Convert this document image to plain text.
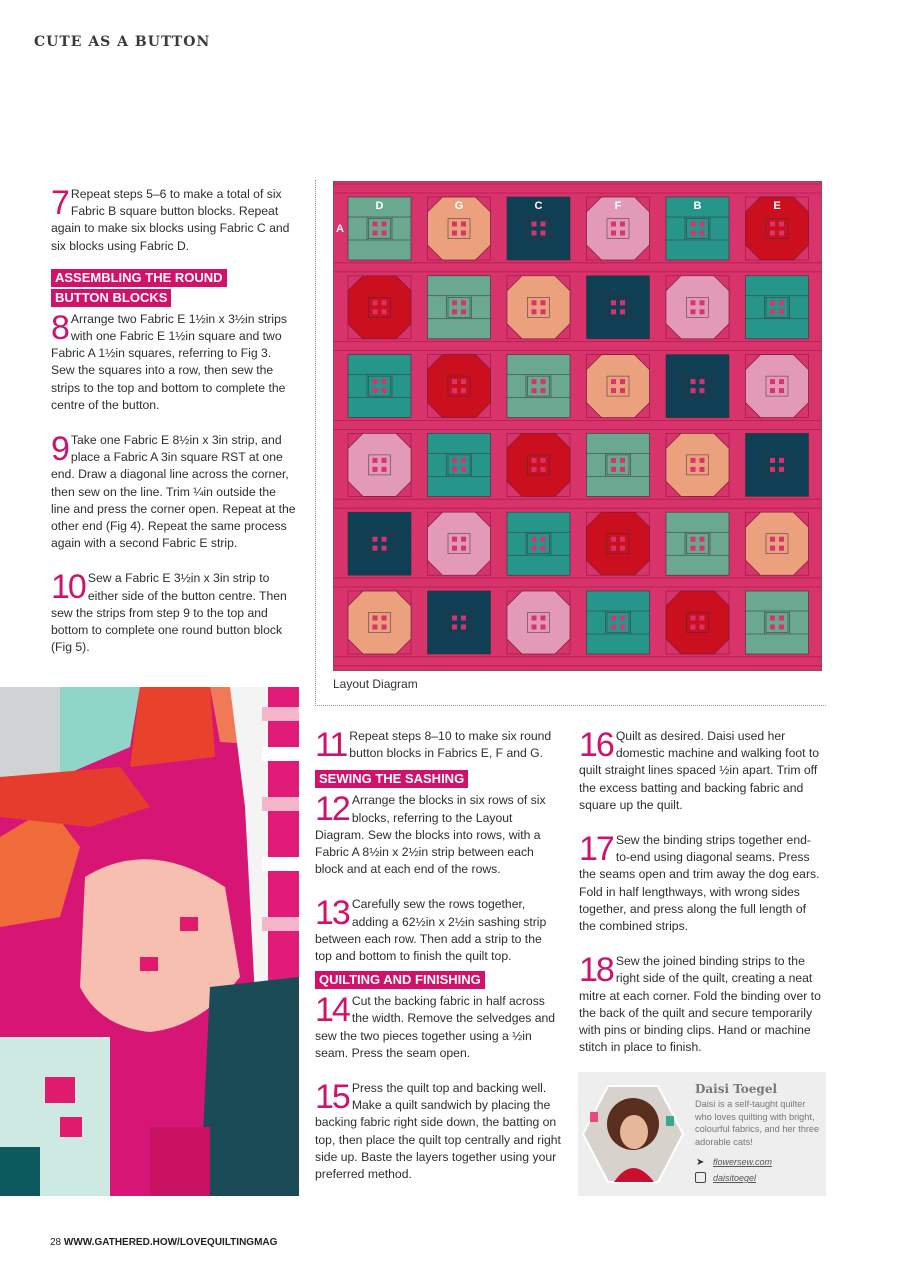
CUTE AS A BUTTON
7 Repeat steps 5–6 to make a total of six Fabric B square button blocks. Repeat again to make six blocks using Fabric C and six blocks using Fabric D.
ASSEMBLING THE ROUND
BUTTON BLOCKS
8 Arrange two Fabric E 1½in x 3½in strips with one Fabric E 1½in square and two Fabric A 1½in squares, referring to Fig 3. Sew the squares into a row, then sew the strips to the top and bottom to complete the centre of the button.
9 Take one Fabric E 8½in x 3in strip, and place a Fabric A 3in square RST at one end. Draw a diagonal line across the corner, then sew on the line. Trim ¼in outside the line and press the corner open. Repeat at the other end (Fig 4). Repeat the same process again with a second Fabric E strip.
10 Sew a Fabric E 3½in x 3in strip to either side of the button centre. Then sew the strips from step 9 to the top and bottom to complete one round button block (Fig 5).
D	G	C	F	B	E
A
Layout Diagram
11 Repeat steps 8–10 to make six round button blocks in Fabrics E, F and G.
SEWING THE SASHING
12 Arrange the blocks in six rows of six blocks, referring to the Layout Diagram. Sew the blocks into rows, with a Fabric A 8½in x 2½in strip between each block and at each end of the rows.
13 Carefully sew the rows together, adding a 62½in x 2½in sashing strip between each row. Then add a strip to the top and bottom to finish the quilt top.
QUILTING AND FINISHING
14 Cut the backing fabric in half across the width. Remove the selvedges and sew the two pieces together using a ½in seam. Press the seam open.
15 Press the quilt top and backing well. Make a quilt sandwich by placing the backing fabric right side down, the batting on top, then place the quilt top centrally and right side up. Baste the layers together using your preferred method.
16 Quilt as desired. Daisi used her domestic machine and walking foot to quilt straight lines spaced ½in apart. Trim off the excess batting and backing fabric and square up the quilt.
17 Sew the binding strips together end-to-end using diagonal seams. Press the seams open and trim away the dog ears. Fold in half lengthways, with wrong sides together, and press along the full length of the combined strips.
18 Sew the joined binding strips to the right side of the quilt, creating a neat mitre at each corner. Fold the binding over to the back of the quilt and secure temporarily with pins or binding clips. Hand or machine stitch in place to finish.
Daisi Toegel
Daisi is a self-taught quilter who loves quilting with bright, colourful fabrics, and her three adorable cats!
➤ flowersew.com
daisitoegel
28 WWW.GATHERED.HOW/LOVEQUILTINGMAG
